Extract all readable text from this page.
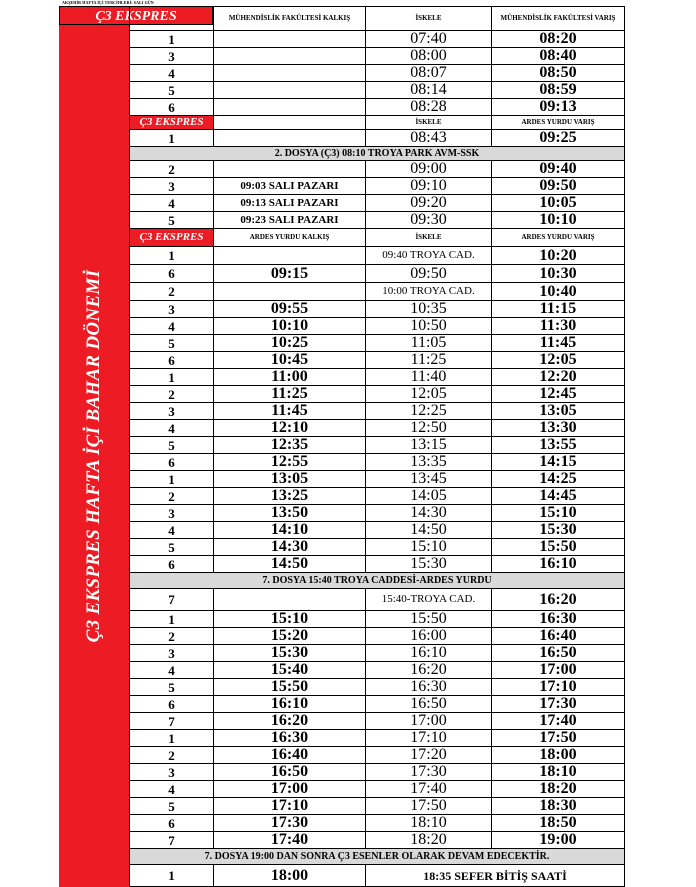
AKŞEHİR HAFTA İÇİ TERCİHLERİ: SALI GÜN
Ç3 EKSPRES HAFTA İÇİ BAHAR DÖNEMİ
Ç3 EKSPRES
		MÜHENDİSLİK FAKÜLTESİ KALKIŞ	İSKELE	MÜHENDİSLİK FAKÜLTESİ VARIŞ
1		07:40	08:20
3		08:00	08:40
4		08:07	08:50
5		08:14	08:59
6		08:28	09:13
Ç3 EKSPRES		İSKELE	ARDES YURDU VARIŞ
1		08:43	09:25
2. DOSYA (Ç3) 08:10 TROYA PARK AVM-SSK			
2		09:00	09:40
3	09:03 SALI PAZARI	09:10	09:50
4	09:13 SALI PAZARI	09:20	10:05
5	09:23 SALI PAZARI	09:30	10:10
Ç3 EKSPRES	ARDES YURDU KALKIŞ	İSKELE	ARDES YURDU VARIŞ
1		09:40 TROYA CAD.	10:20
6	09:15	09:50	10:30
2		10:00 TROYA CAD.	10:40
3	09:55	10:35	11:15
4	10:10	10:50	11:30
5	10:25	11:05	11:45
6	10:45	11:25	12:05
1	11:00	11:40	12:20
2	11:25	12:05	12:45
3	11:45	12:25	13:05
4	12:10	12:50	13:30
5	12:35	13:15	13:55
6	12:55	13:35	14:15
1	13:05	13:45	14:25
2	13:25	14:05	14:45
3	13:50	14:30	15:10
4	14:10	14:50	15:30
5	14:30	15:10	15:50
6	14:50	15:30	16:10
7. DOSYA 15:40 TROYA CADDESİ-ARDES YURDU			
7		15:40-TROYA CAD.	16:20
1	15:10	15:50	16:30
2	15:20	16:00	16:40
3	15:30	16:10	16:50
4	15:40	16:20	17:00
5	15:50	16:30	17:10
6	16:10	16:50	17:30
7	16:20	17:00	17:40
1	16:30	17:10	17:50
2	16:40	17:20	18:00
3	16:50	17:30	18:10
4	17:00	17:40	18:20
5	17:10	17:50	18:30
6	17:30	18:10	18:50
7	17:40	18:20	19:00
7. DOSYA 19:00 DAN SONRA Ç3 ESENLER OLARAK DEVAM EDECEKTİR.			
1	18:00	18:35 SEFER BİTİŞ SAATİ	
